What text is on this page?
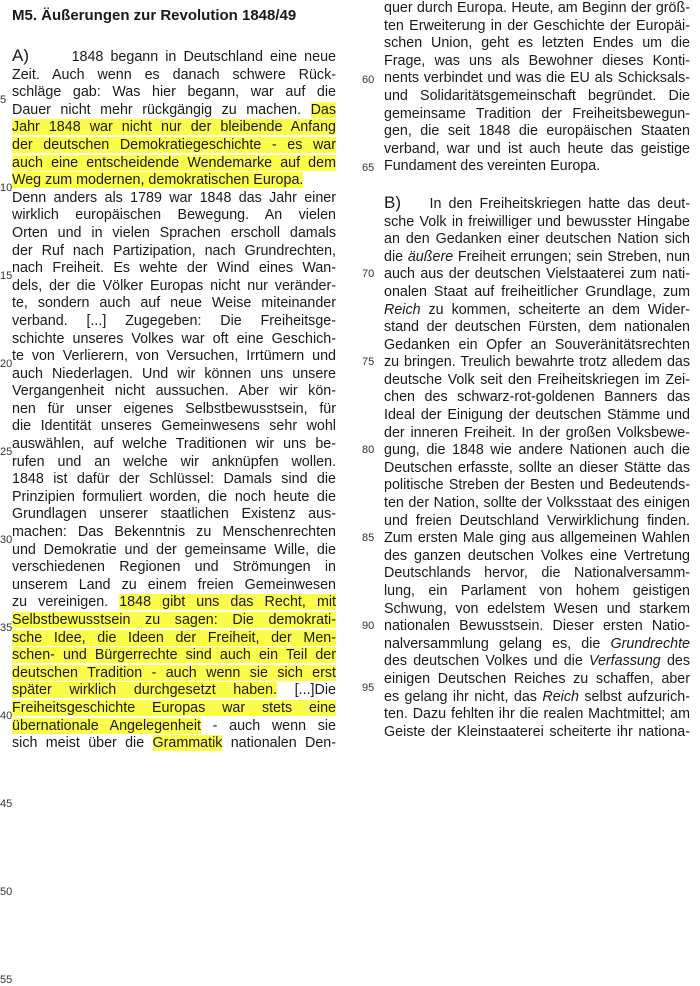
M5. Äußerungen zur Revolution 1848/49
A)	1848 begann in Deutschland eine neue
Zeit. Auch wenn es danach schwere Rück-
schläge gab: Was hier begann, war auf die
Dauer nicht mehr rückgängig zu machen. Das
Jahr 1848 war nicht nur der bleibende Anfang
der deutschen Demokratiegeschichte - es war
auch eine entscheidende Wendemarke auf dem
Weg zum modernen, demokratischen Europa.
Denn anders als 1789 war 1848 das Jahr einer
wirklich europäischen Bewegung. An vielen
Orten und in vielen Sprachen erscholl damals
der Ruf nach Partizipation, nach Grundrechten,
nach Freiheit. Es wehte der Wind eines Wan-
dels, der die Völker Europas nicht nur veränder-
te, sondern auch auf neue Weise miteinander
verband. [...] Zugegeben: Die Freiheitsge-
schichte unseres Volkes war oft eine Geschich-
te von Verlierern, von Versuchen, Irrtümern und
auch Niederlagen. Und wir können uns unsere
Vergangenheit nicht aussuchen. Aber wir kön-
nen für unser eigenes Selbstbewusstsein, für
die Identität unseres Gemeinwesens sehr wohl
auswählen, auf welche Traditionen wir uns be-
rufen und an welche wir anknüpfen wollen.
1848 ist dafür der Schlüssel: Damals sind die
Prinzipien formuliert worden, die noch heute die
Grundlagen unserer staatlichen Existenz aus-
machen: Das Bekenntnis zu Menschenrechten
und Demokratie und der gemeinsame Wille, die
verschiedenen Regionen und Strömungen in
unserem Land zu einem freien Gemeinwesen
zu vereinigen. 1848 gibt uns das Recht, mit
Selbstbewusstsein zu sagen: Die demokrati-
sche Idee, die Ideen der Freiheit, der Men-
schen- und Bürgerrechte sind auch ein Teil der
deutschen Tradition - auch wenn sie sich erst
später wirklich durchgesetzt haben. [...]Die
Freiheitsgeschichte Europas war stets eine
übernationale Angelegenheit - auch wenn sie
sich meist über die Grammatik nationalen Den-
5
10
15
20
25
30
35
40
45
50
55
quer durch Europa. Heute, am Beginn der größ-
ten Erweiterung in der Geschichte der Europäi-
schen Union, geht es letzten Endes um die
Frage, was uns als Bewohner dieses Konti-
nents verbindet und was die EU als Schicksals-
und Solidaritätsgemeinschaft begründet. Die
gemeinsame Tradition der Freiheitsbewegun-
gen, die seit 1848 die europäischen Staaten
verband, war und ist auch heute das geistige
Fundament des vereinten Europa.
B) In den Freiheitskriegen hatte das deut-
sche Volk in freiwilliger und bewusster Hingabe
an den Gedanken einer deutschen Nation sich
die äußere Freiheit errungen; sein Streben, nun
auch aus der deutschen Vielstaaterei zum nati-
onalen Staat auf freiheitlicher Grundlage, zum
Reich zu kommen, scheiterte an dem Wider-
stand der deutschen Fürsten, dem nationalen
Gedanken ein Opfer an Souveränitätsrechten
zu bringen. Treulich bewahrte trotz alledem das
deutsche Volk seit den Freiheitskriegen im Zei-
chen des schwarz-rot-goldenen Banners das
Ideal der Einigung der deutschen Stämme und
der inneren Freiheit. In der großen Volksbewe-
gung, die 1848 wie andere Nationen auch die
Deutschen erfasste, sollte an dieser Stätte das
politische Streben der Besten und Bedeutends-
ten der Nation, sollte der Volksstaat des einigen
und freien Deutschland Verwirklichung finden.
Zum ersten Male ging aus allgemeinen Wahlen
des ganzen deutschen Volkes eine Vertretung
Deutschlands hervor, die Nationalversamm-
lung, ein Parlament von hohem geistigen
Schwung, von edelstem Wesen und starkem
nationalen Bewusstsein. Dieser ersten Natio-
nalversammlung gelang es, die Grundrechte
des deutschen Volkes und die Verfassung des
einigen Deutschen Reiches zu schaffen, aber
es gelang ihr nicht, das Reich selbst aufzurich-
ten. Dazu fehlten ihr die realen Machtmittel; am
Geiste der Kleinstaaterei scheiterte ihr nationa-
60
65
70
75
80
85
90
95
